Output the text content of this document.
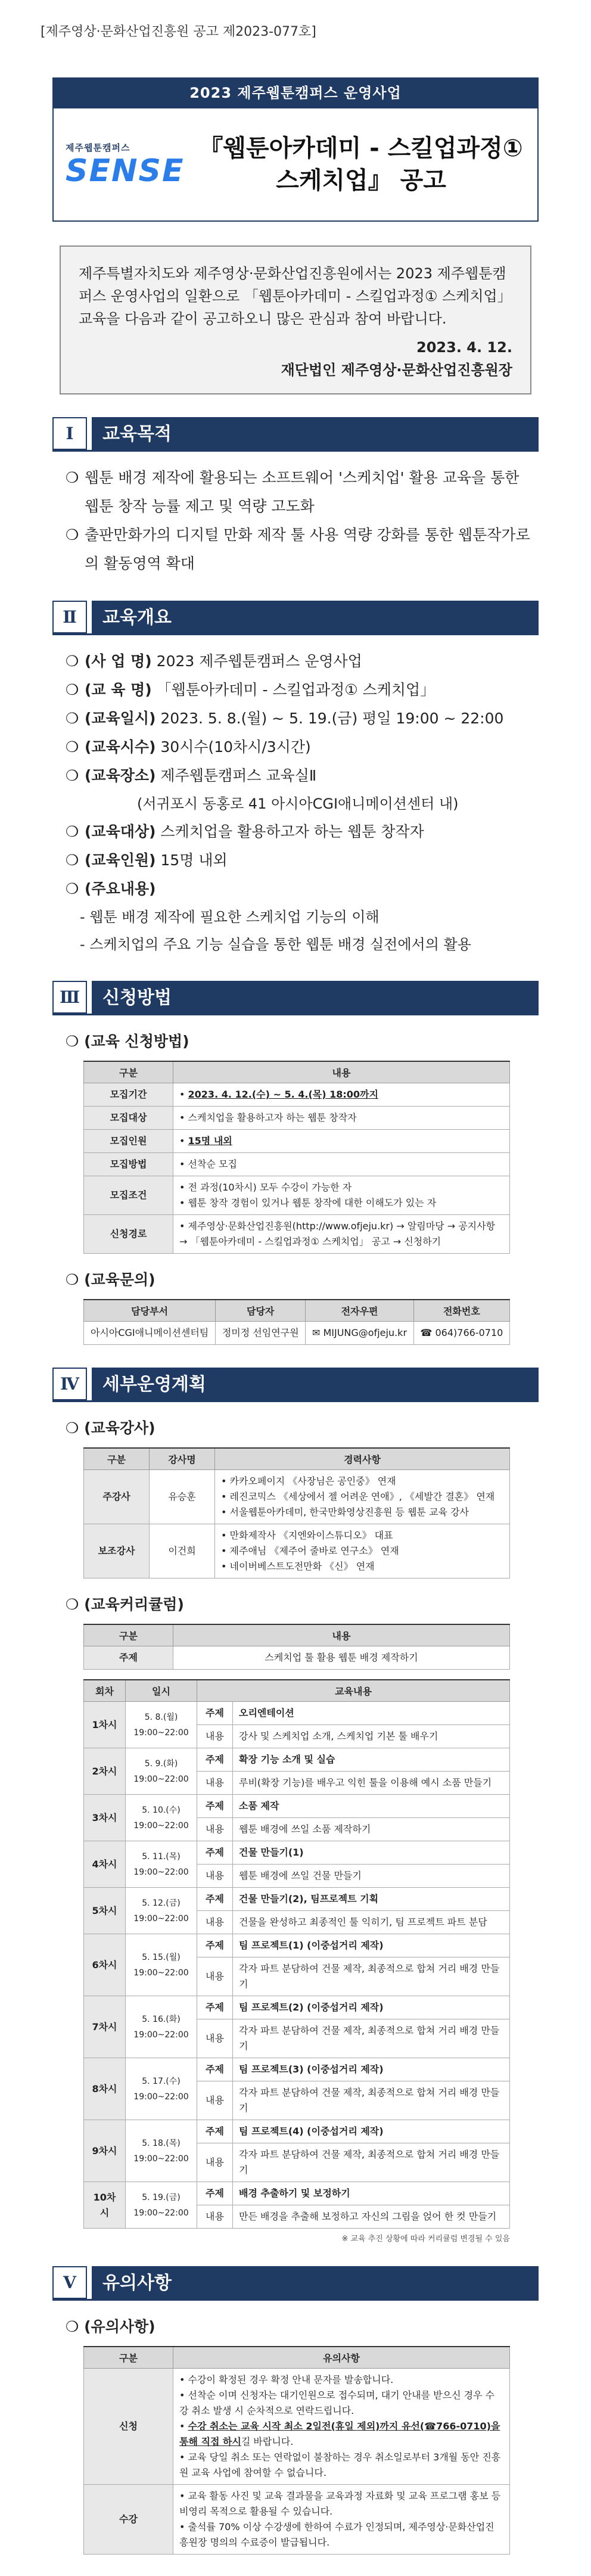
[제주영상·문화산업진흥원 공고 제2023-077호]
2023 제주웹툰캠퍼스 운영사업
제주웹툰캠퍼스
SENSE
『웹툰아카데미 - 스킬업과정①
스케치업』 공고
제주특별자치도와 제주영상·문화산업진흥원에서는 2023 제주웹툰캠퍼스 운영사업의 일환으로 「웹툰아카데미 - 스킬업과정① 스케치업」 교육을 다음과 같이 공고하오니 많은 관심과 참여 바랍니다.
2023. 4. 12.
재단법인 제주영상·문화산업진흥원장
Ⅰ	교육목적
❍ 웹툰 배경 제작에 활용되는 소프트웨어 '스케치업' 활용 교육을 통한 웹툰 창작 능률 제고 및 역량 고도화
❍ 출판만화가의 디지털 만화 제작 툴 사용 역량 강화를 통한 웹툰작가로의 활동영역 확대
Ⅱ	교육개요
❍ (사 업 명) 2023 제주웹툰캠퍼스 운영사업
❍ (교 육 명) 「웹툰아카데미 - 스킬업과정① 스케치업」
❍ (교육일시) 2023. 5. 8.(월) ~ 5. 19.(금) 평일 19:00 ~ 22:00
❍ (교육시수) 30시수(10차시/3시간)
❍ (교육장소) 제주웹툰캠퍼스 교육실Ⅱ
(서귀포시 동홍로 41 아시아CGI애니메이션센터 내)
❍ (교육대상) 스케치업을 활용하고자 하는 웹툰 창작자
❍ (교육인원) 15명 내외
❍ (주요내용)
- 웹툰 배경 제작에 필요한 스케치업 기능의 이해
- 스케치업의 주요 기능 실습을 통한 웹툰 배경 실전에서의 활용
Ⅲ	신청방법
❍ (교육 신청방법)
구분	내용
모집기간	• 2023. 4. 12.(수) ~ 5. 4.(목) 18:00까지
모집대상	• 스케치업을 활용하고자 하는 웹툰 창작자
모집인원	• 15명 내외
모집방법	• 선착순 모집
모집조건	• 전 과정(10차시) 모두 수강이 가능한 자
• 웹툰 창작 경험이 있거나 웹툰 창작에 대한 이해도가 있는 자
신청경로	• 제주영상·문화산업진흥원(http://www.ofjeju.kr) → 알림마당 → 공지사항 → 「웹툰아카데미 - 스킬업과정① 스케치업」 공고 → 신청하기
❍ (교육문의)
담당부서	담당자	전자우편	전화번호
아시아CGI애니메이션센터팀	정미정 선임연구원	✉ MIJUNG@ofjeju.kr	☎ 064)766-0710
Ⅳ	세부운영계획
❍ (교육강사)
구분	강사명	경력사항
주강사	유승훈	• 카카오페이지 《사장님은 공인중》 연재
• 레진코믹스 《세상에서 젤 어려운 연애》, 《세발간 결혼》 연재
• 서울웹툰아카데미, 한국만화영상진흥원 등 웹툰 교육 강사
보조강사	이건희	• 만화제작사 《지엔와이스튜디오》 대표
• 제주애님 《제주어 줄바로 연구소》 연재
• 네이버베스트도전만화 《신》 연재
❍ (교육커리큘럼)
구분	내용
주제	스케치업 툴 활용 웹툰 배경 제작하기
회차	일시	교육내용	
1차시	5. 8.(월)
19:00~22:00	주제	오리엔테이션
		내용	강사 및 스케치업 소개, 스케치업 기본 툴 배우기
2차시	5. 9.(화)
19:00~22:00	주제	확장 기능 소개 및 실습
		내용	루비(확장 기능)를 배우고 익힌 툴을 이용해 예시 소품 만들기
3차시	5. 10.(수)
19:00~22:00	주제	소품 제작
		내용	웹툰 배경에 쓰일 소품 제작하기
4차시	5. 11.(목)
19:00~22:00	주제	건물 만들기(1)
		내용	웹툰 배경에 쓰일 건물 만들기
5차시	5. 12.(금)
19:00~22:00	주제	건물 만들기(2), 팀프로젝트 기획
		내용	건물을 완성하고 최종적인 툴 익히기, 팀 프로젝트 파트 분담
6차시	5. 15.(월)
19:00~22:00	주제	팀 프로젝트(1) (이중섭거리 제작)
		내용	각자 파트 분담하여 건물 제작, 최종적으로 합쳐 거리 배경 만들기
7차시	5. 16.(화)
19:00~22:00	주제	팀 프로젝트(2) (이중섭거리 제작)
		내용	각자 파트 분담하여 건물 제작, 최종적으로 합쳐 거리 배경 만들기
8차시	5. 17.(수)
19:00~22:00	주제	팀 프로젝트(3) (이중섭거리 제작)
		내용	각자 파트 분담하여 건물 제작, 최종적으로 합쳐 거리 배경 만들기
9차시	5. 18.(목)
19:00~22:00	주제	팀 프로젝트(4) (이중섭거리 제작)
		내용	각자 파트 분담하여 건물 제작, 최종적으로 합쳐 거리 배경 만들기
10차시	5. 19.(금)
19:00~22:00	주제	배경 추출하기 및 보정하기
		내용	만든 배경을 추출해 보정하고 자신의 그림을 얹어 한 컷 만들기
※ 교육 추진 상황에 따라 커리큘럼 변경될 수 있음
Ⅴ	유의사항
❍ (유의사항)
구분	유의사항
신청	• 수강이 확정된 경우 확정 안내 문자를 발송합니다.
• 선착순 이며 신청자는 대기인원으로 접수되며, 대기 안내를 받으신 경우 수강 취소 발생 시 순차적으로 연락드립니다.
• 수강 취소는 교육 시작 최소 2일전(휴일 제외)까지 유선(☎766-0710)을 통해 직접 하시길 바랍니다.
• 교육 당일 취소 또는 연락없이 불참하는 경우 취소일로부터 3개월 동안 진흥원 교육 사업에 참여할 수 없습니다.
수강	• 교육 활동 사진 및 교육 결과물을 교육과정 자료화 및 교육 프로그램 홍보 등 비영리 목적으로 활용될 수 있습니다.
• 출석률 70% 이상 수강생에 한하여 수료가 인정되며, 제주영상·문화산업진흥원장 명의의 수료증이 발급됩니다.
